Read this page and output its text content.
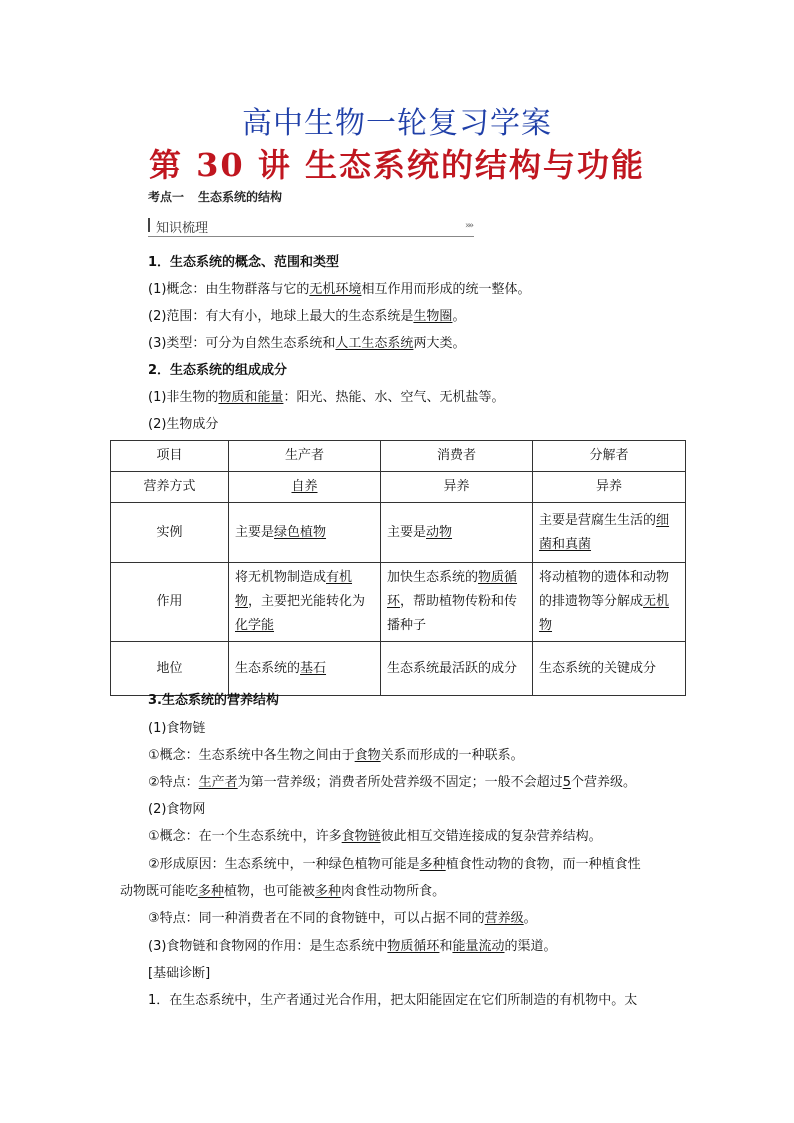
高中生物一轮复习学案
第 30 讲 生态系统的结构与功能
考点一 生态系统的结构
知识梳理	»»
1．生态系统的概念、范围和类型
(1)概念：由生物群落与它的无机环境相互作用而形成的统一整体。
(2)范围：有大有小，地球上最大的生态系统是生物圈。
(3)类型：可分为自然生态系统和人工生态系统两大类。
2．生态系统的组成成分
(1)非生物的物质和能量：阳光、热能、水、空气、无机盐等。
(2)生物成分
项目	生产者	消费者	分解者
营养方式	自养	异养	异养
实例	主要是绿色植物	主要是动物	主要是营腐生生活的细菌和真菌
作用	将无机物制造成有机物，主要把光能转化为化学能	加快生态系统的物质循环，帮助植物传粉和传播种子	将动植物的遗体和动物的排遗物等分解成无机物
地位	生态系统的基石	生态系统最活跃的成分	生态系统的关键成分
3.生态系统的营养结构
(1)食物链
①概念：生态系统中各生物之间由于食物关系而形成的一种联系。
②特点：生产者为第一营养级；消费者所处营养级不固定；一般不会超过5个营养级。
(2)食物网
①概念：在一个生态系统中，许多食物链彼此相互交错连接成的复杂营养结构。
②形成原因：生态系统中，一种绿色植物可能是多种植食性动物的食物，而一种植食性
动物既可能吃多种植物，也可能被多种肉食性动物所食。
③特点：同一种消费者在不同的食物链中，可以占据不同的营养级。
(3)食物链和食物网的作用：是生态系统中物质循环和能量流动的渠道。
[基础诊断]
1．在生态系统中，生产者通过光合作用，把太阳能固定在它们所制造的有机物中。太
